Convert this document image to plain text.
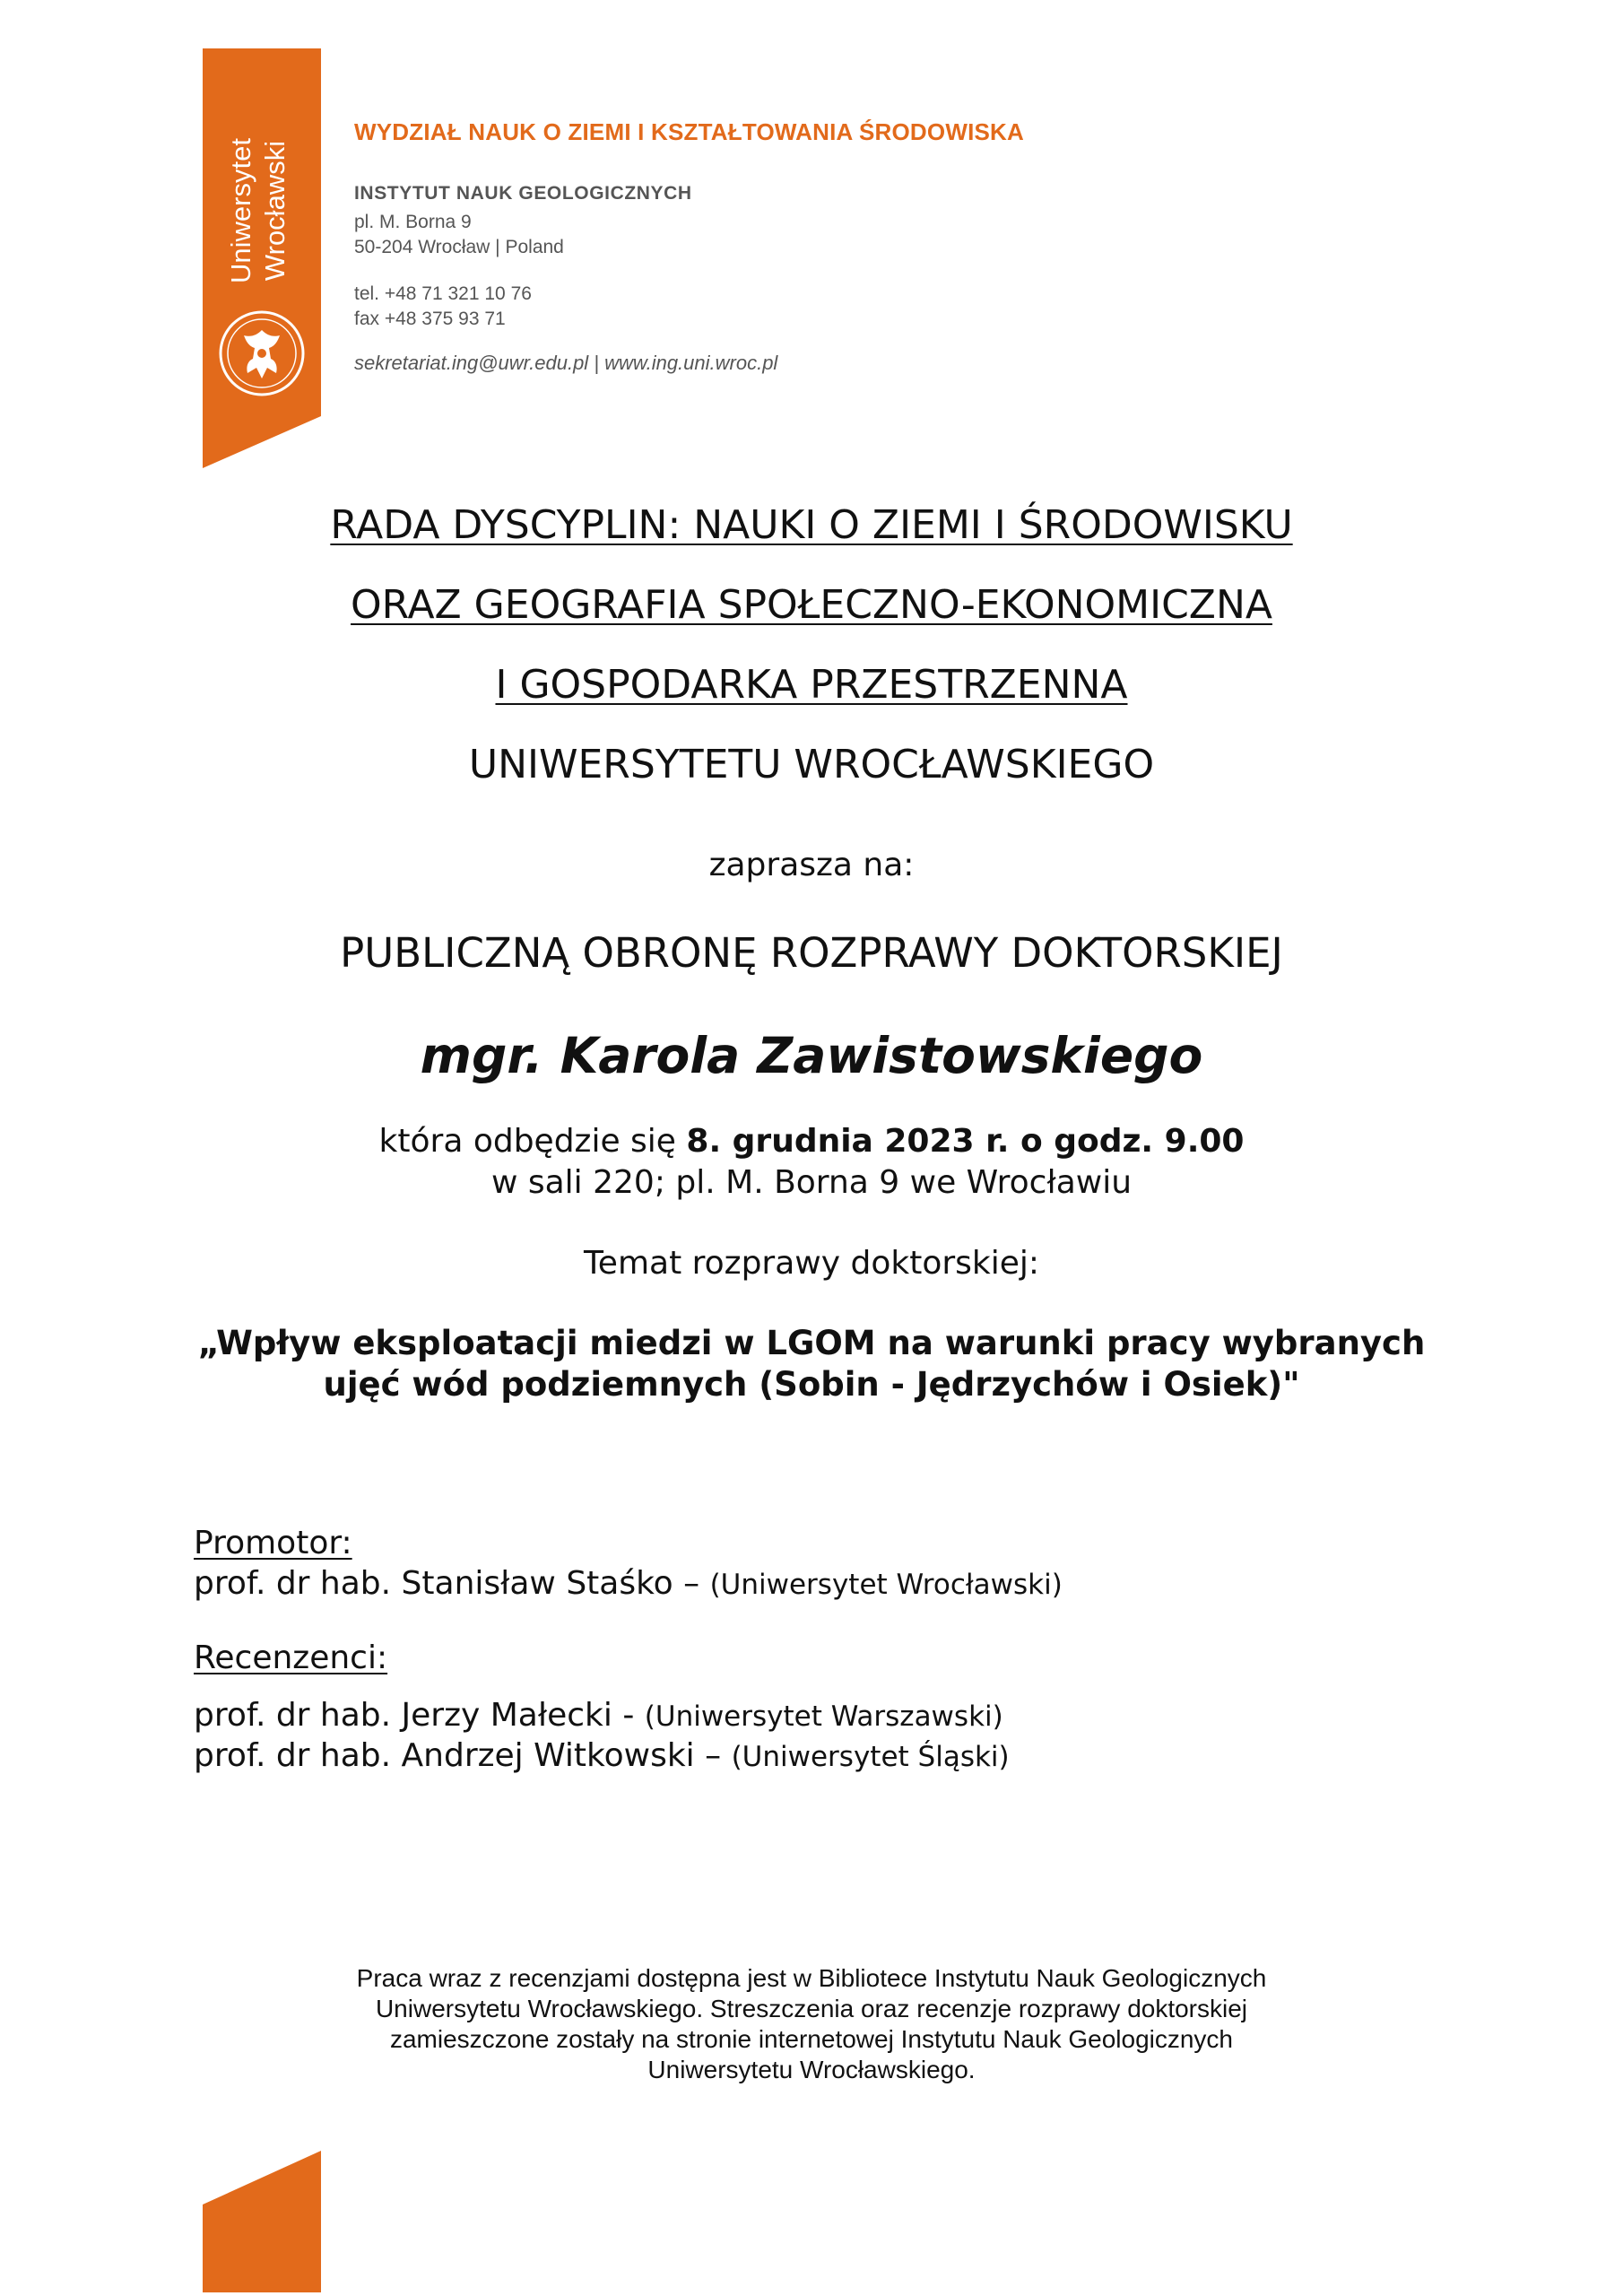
Uniwersytet Wrocławski
WYDZIAŁ NAUK O ZIEMI I KSZTAŁTOWANIA ŚRODOWISKA
INSTYTUT NAUK GEOLOGICZNYCH
pl. M. Borna 9
50-204 Wrocław | Poland
tel. +48 71 321 10 76
fax +48 375 93 71
sekretariat.ing@uwr.edu.pl | www.ing.uni.wroc.pl
RADA DYSCYPLIN: NAUKI O ZIEMI I ŚRODOWISKU
ORAZ GEOGRAFIA SPOŁECZNO-EKONOMICZNA
I GOSPODARKA PRZESTRZENNA
UNIWERSYTETU WROCŁAWSKIEGO
zaprasza na:
PUBLICZNĄ OBRONĘ ROZPRAWY DOKTORSKIEJ
mgr. Karola Zawistowskiego
która odbędzie się 8. grudnia 2023 r. o godz. 9.00
w sali 220; pl. M. Borna 9 we Wrocławiu
Temat rozprawy doktorskiej:
„Wpływ eksploatacji miedzi w LGOM na warunki pracy wybranych
ujęć wód podziemnych (Sobin - Jędrzychów i Osiek)"
Promotor:
prof. dr hab. Stanisław Staśko – (Uniwersytet Wrocławski)
Recenzenci:
prof. dr hab. Jerzy Małecki - (Uniwersytet Warszawski)
prof. dr hab. Andrzej Witkowski – (Uniwersytet Śląski)
Praca wraz z recenzjami dostępna jest w Bibliotece Instytutu Nauk Geologicznych
Uniwersytetu Wrocławskiego. Streszczenia oraz recenzje rozprawy doktorskiej
zamieszczone zostały na stronie internetowej Instytutu Nauk Geologicznych
Uniwersytetu Wrocławskiego.
